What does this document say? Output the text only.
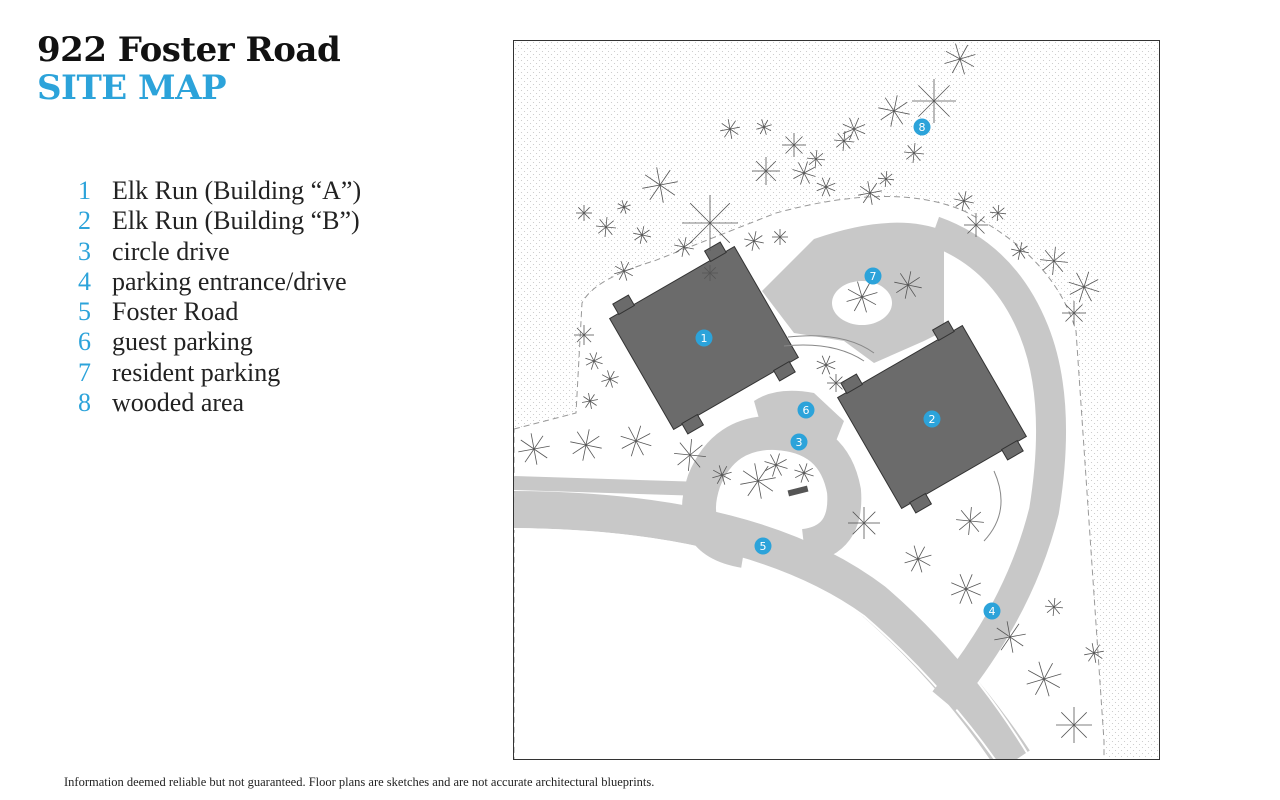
922 Foster Road
SITE MAP
1 Elk Run (Building “A”)
2 Elk Run (Building “B”)
3 circle drive
4 parking entrance/drive
5 Foster Road
6 guest parking
7 resident parking
8 wooded area
1
2
3
4
5
6
7
8
Information deemed reliable but not guaranteed. Floor plans are sketches and are not accurate architectural blueprints.
